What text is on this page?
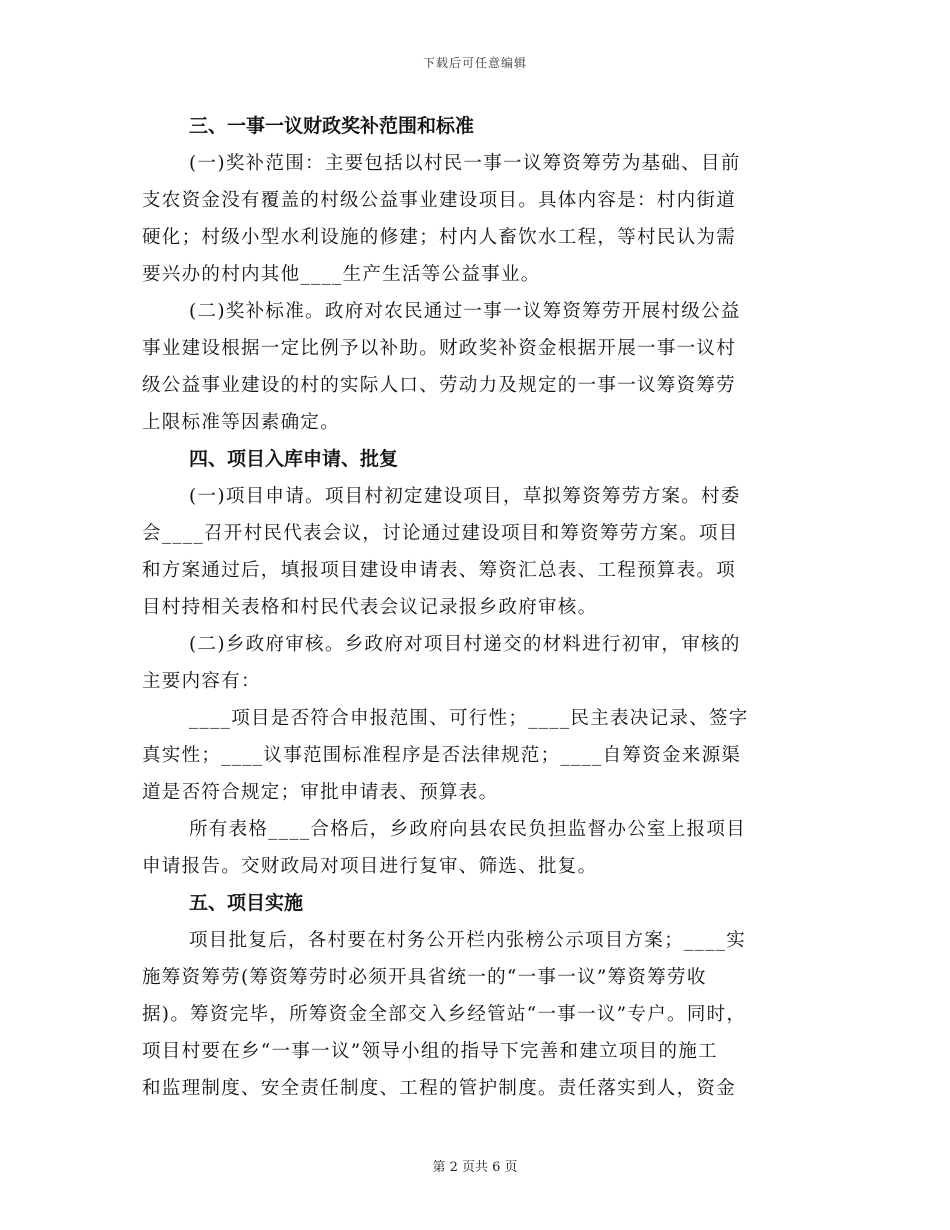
下载后可任意编辑
三、一事一议财政奖补范围和标准
(一)奖补范围：主要包括以村民一事一议筹资筹劳为基础、目前
支农资金没有覆盖的村级公益事业建设项目。具体内容是：村内街道
硬化；村级小型水利设施的修建；村内人畜饮水工程，等村民认为需
要兴办的村内其他____生产生活等公益事业。
(二)奖补标准。政府对农民通过一事一议筹资筹劳开展村级公益
事业建设根据一定比例予以补助。财政奖补资金根据开展一事一议村
级公益事业建设的村的实际人口、劳动力及规定的一事一议筹资筹劳
上限标准等因素确定。
四、项目入库申请、批复
(一)项目申请。项目村初定建设项目，草拟筹资筹劳方案。村委
会____召开村民代表会议，讨论通过建设项目和筹资筹劳方案。项目
和方案通过后，填报项目建设申请表、筹资汇总表、工程预算表。项
目村持相关表格和村民代表会议记录报乡政府审核。
(二)乡政府审核。乡政府对项目村递交的材料进行初审，审核的
主要内容有：
____项目是否符合申报范围、可行性；____民主表决记录、签字
真实性；____议事范围标准程序是否法律规范；____自筹资金来源渠
道是否符合规定；审批申请表、预算表。
所有表格____合格后，乡政府向县农民负担监督办公室上报项目
申请报告。交财政局对项目进行复审、筛选、批复。
五、项目实施
项目批复后，各村要在村务公开栏内张榜公示项目方案；____实
施筹资筹劳(筹资筹劳时必须开具省统一的“一事一议”筹资筹劳收
据)。筹资完毕，所筹资金全部交入乡经管站“一事一议”专户。同时，
项目村要在乡“一事一议”领导小组的指导下完善和建立项目的施工
和监理制度、安全责任制度、工程的管护制度。责任落实到人，资金
第 2 页共 6 页
